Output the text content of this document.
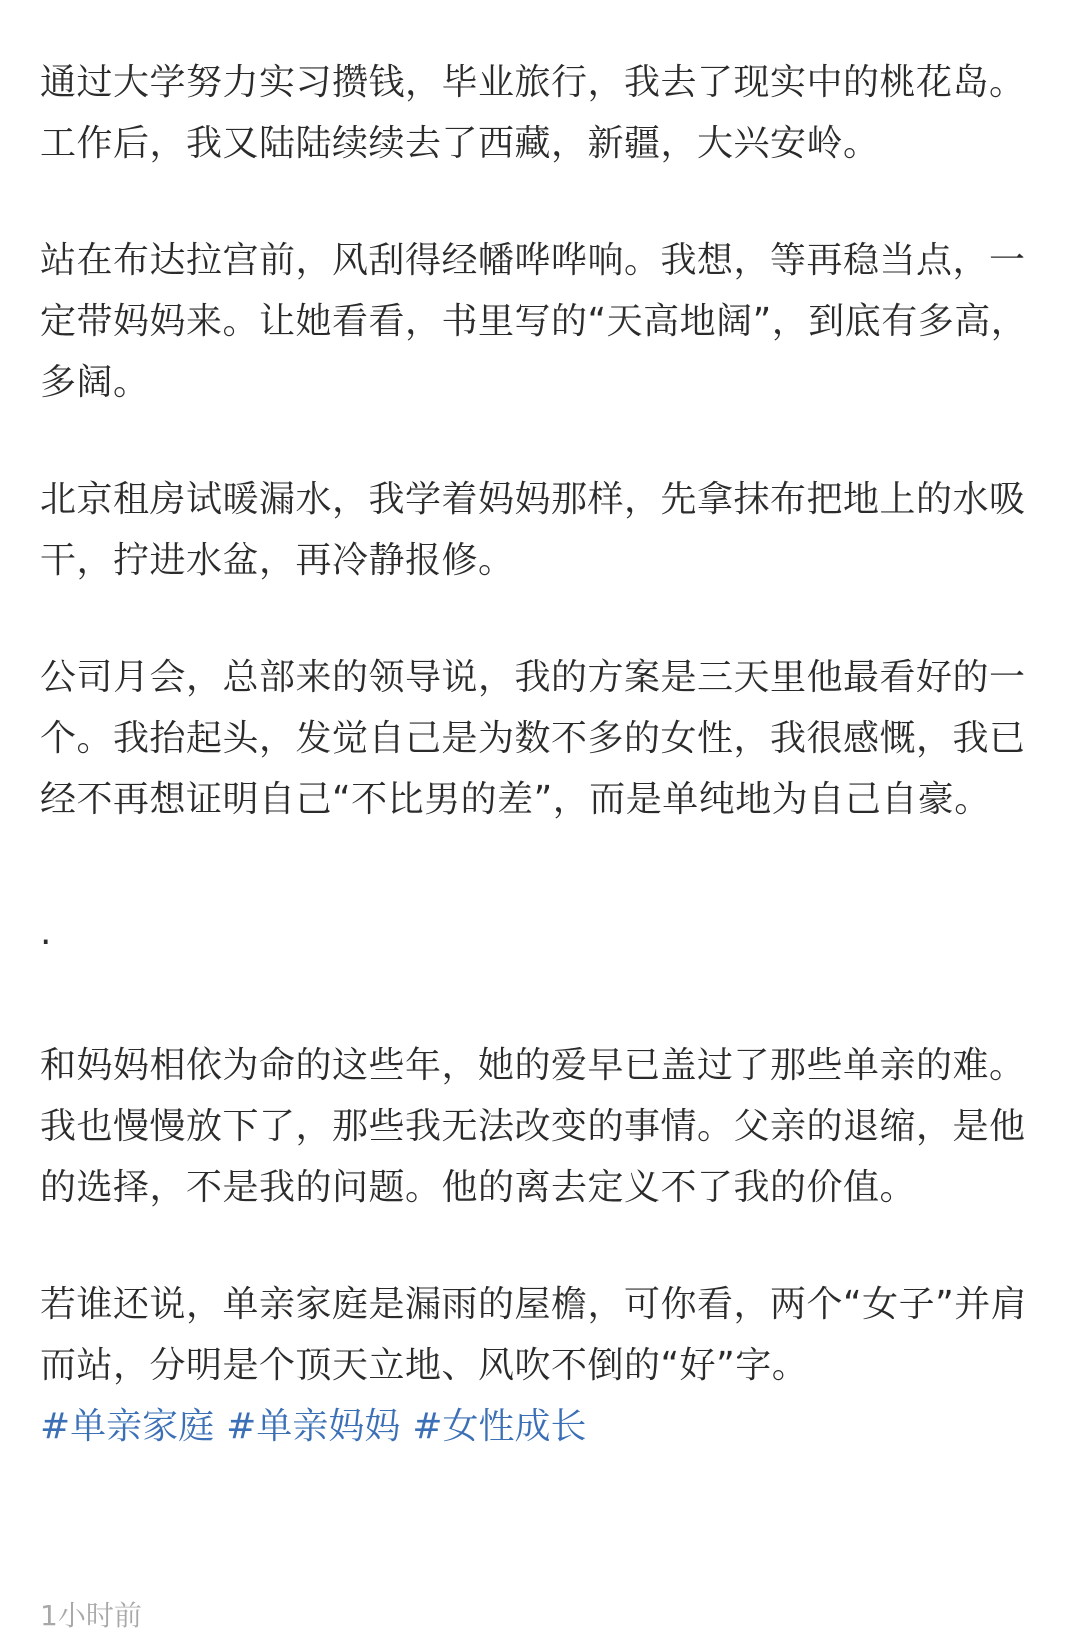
通过大学努力实习攒钱，毕业旅行，我去了现实中的桃花岛。工作后，我又陆陆续续去了西藏，新疆，大兴安岭。

站在布达拉宫前，风刮得经幡哗哗响。我想，等再稳当点，一定带妈妈来。让她看看，书里写的“天高地阔”，到底有多高，多阔。

北京租房试暖漏水，我学着妈妈那样，先拿抹布把地上的水吸干，拧进水盆，再冷静报修。

公司月会，总部来的领导说，我的方案是三天里他最看好的一个。我抬起头，发觉自己是为数不多的女性，我很感慨，我已经不再想证明自己“不比男的差”，而是单纯地为自己自豪。

.

和妈妈相依为命的这些年，她的爱早已盖过了那些单亲的难。我也慢慢放下了，那些我无法改变的事情。父亲的退缩，是他的选择，不是我的问题。他的离去定义不了我的价值。

若谁还说，单亲家庭是漏雨的屋檐，可你看，两个“女子”并肩而站，分明是个顶天立地、风吹不倒的“好”字。

#单亲家庭 #单亲妈妈 #女性成长

1小时前
